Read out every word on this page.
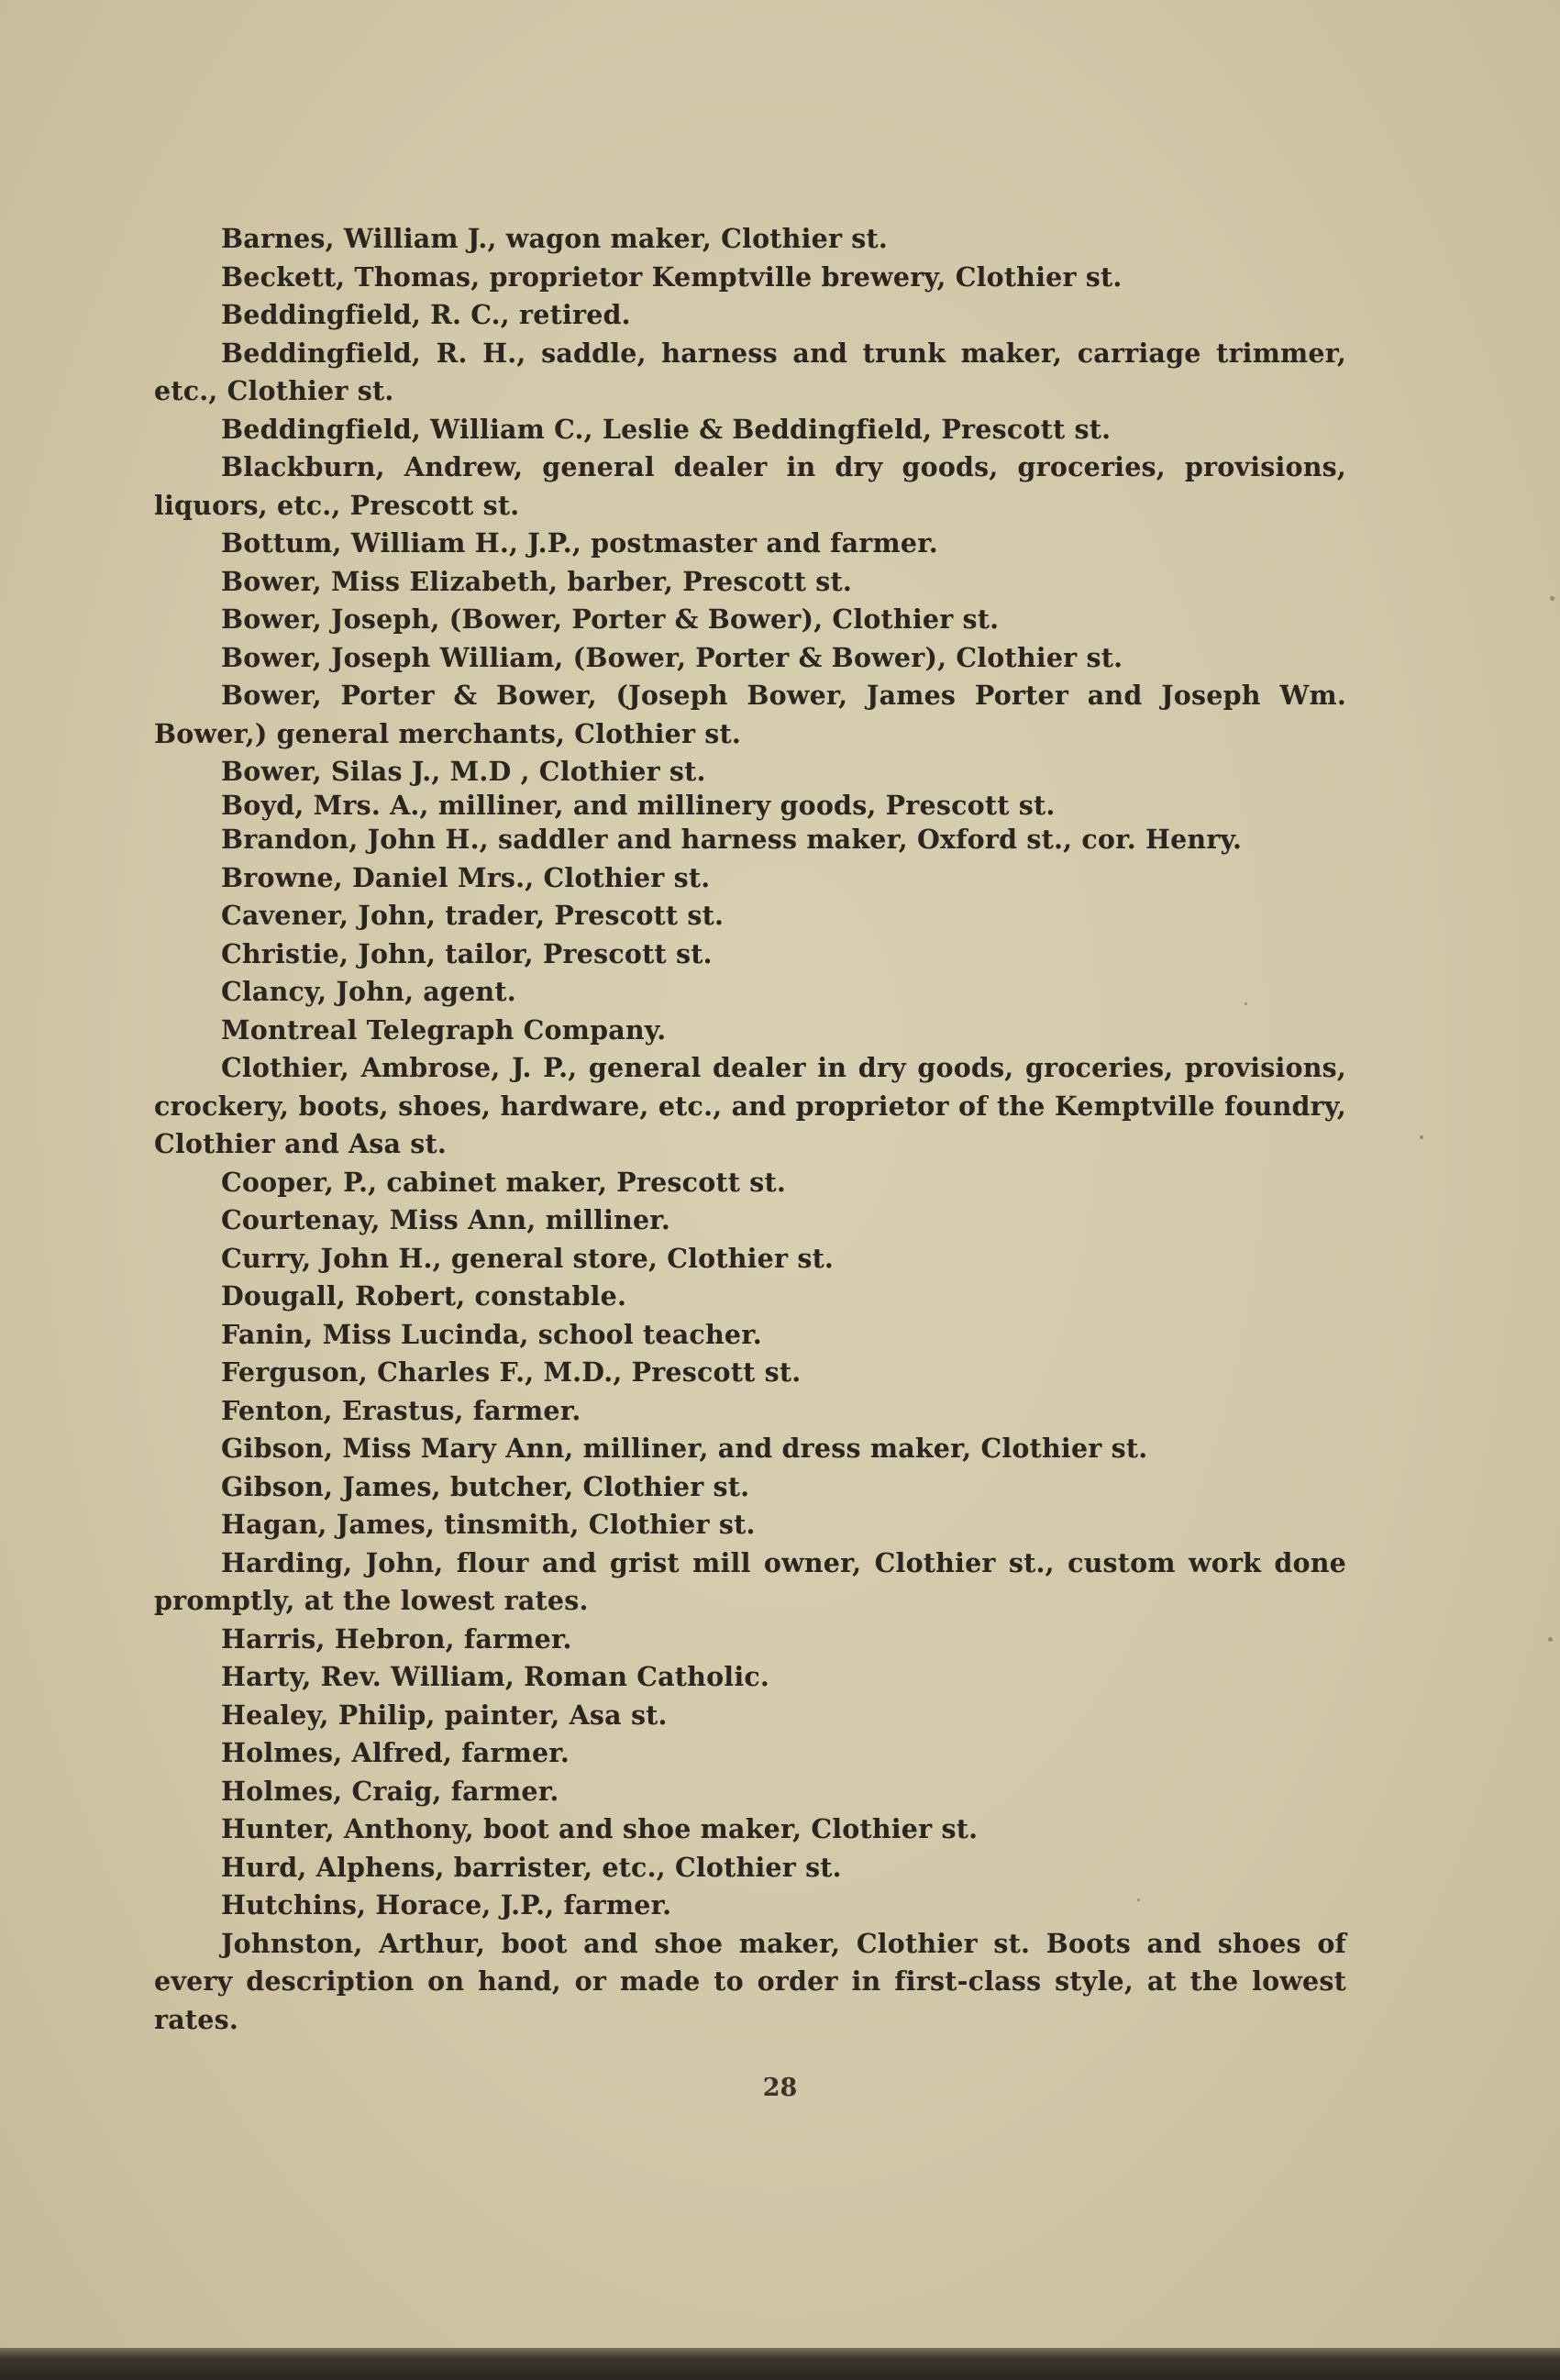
Barnes, William J., wagon maker, Clothier st.

Beckett, Thomas, proprietor Kemptville brewery, Clothier st.

Beddingfield, R. C., retired.

Beddingfield, R. H., saddle, harness and trunk maker, carriage trimmer, etc., Clothier st.

Beddingfield, William C., Leslie & Beddingfield, Prescott st.

Blackburn, Andrew, general dealer in dry goods, groceries, provisions, liquors, etc., Prescott st.

Bottum, William H., J.P., postmaster and farmer.

Bower, Miss Elizabeth, barber, Prescott st.

Bower, Joseph, (Bower, Porter & Bower), Clothier st.

Bower, Joseph William, (Bower, Porter & Bower), Clothier st.

Bower, Porter & Bower, (Joseph Bower, James Porter and Joseph Wm. Bower,) general merchants, Clothier st.

Bower, Silas J., M.D , Clothier st.

Boyd, Mrs. A., milliner, and millinery goods, Prescott st.

Brandon, John H., saddler and harness maker, Oxford st., cor. Henry.

Browne, Daniel Mrs., Clothier st.

Cavener, John, trader, Prescott st.

Christie, John, tailor, Prescott st.

Clancy, John, agent.

Montreal Telegraph Company.

Clothier, Ambrose, J. P., general dealer in dry goods, groceries, provisions, crockery, boots, shoes, hardware, etc., and proprietor of the Kemptville foundry, Clothier and Asa st.

Cooper, P., cabinet maker, Prescott st.

Courtenay, Miss Ann, milliner.

Curry, John H., general store, Clothier st.

Dougall, Robert, constable.

Fanin, Miss Lucinda, school teacher.

Ferguson, Charles F., M.D., Prescott st.

Fenton, Erastus, farmer.

Gibson, Miss Mary Ann, milliner, and dress maker, Clothier st.

Gibson, James, butcher, Clothier st.

Hagan, James, tinsmith, Clothier st.

Harding, John, flour and grist mill owner, Clothier st., custom work done promptly, at the lowest rates.

Harris, Hebron, farmer.

Harty, Rev. William, Roman Catholic.

Healey, Philip, painter, Asa st.

Holmes, Alfred, farmer.

Holmes, Craig, farmer.

Hunter, Anthony, boot and shoe maker, Clothier st.

Hurd, Alphens, barrister, etc., Clothier st.

Hutchins, Horace, J.P., farmer.

Johnston, Arthur, boot and shoe maker, Clothier st. Boots and shoes of every description on hand, or made to order in first-class style, at the lowest rates.

28
